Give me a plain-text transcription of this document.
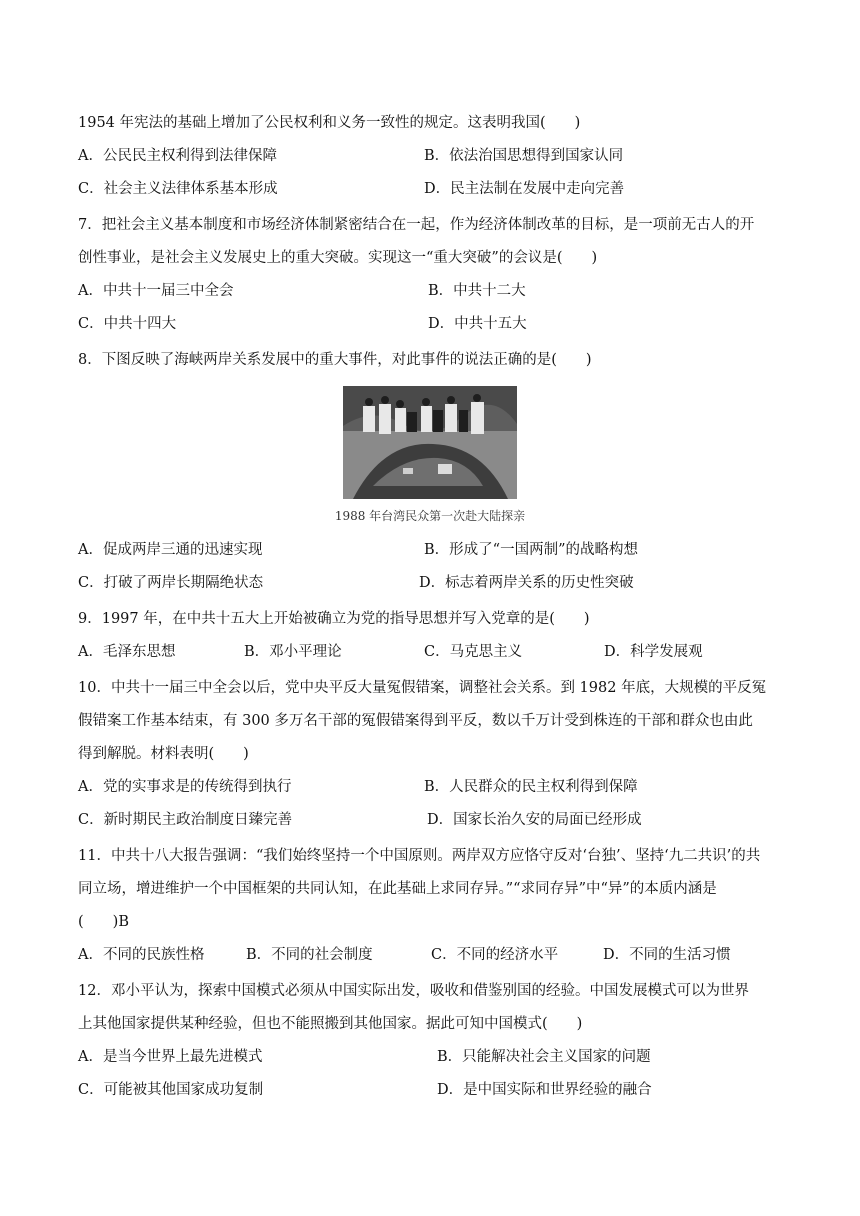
1954 年宪法的基础上增加了公民权利和义务一致性的规定。这表明我国(　　)
A．公民民主权利得到法律保障	B．依法治国思想得到国家认同
C．社会主义法律体系基本形成	D．民主法制在发展中走向完善
7．把社会主义基本制度和市场经济体制紧密结合在一起，作为经济体制改革的目标，是一项前无古人的开
创性事业，是社会主义发展史上的重大突破。实现这一“重大突破”的会议是(　　)
A．中共十一届三中全会	B．中共十二大
C．中共十四大	D．中共十五大
8．下图反映了海峡两岸关系发展中的重大事件，对此事件的说法正确的是(　　)
1988 年台湾民众第一次赴大陆探亲
A．促成两岸三通的迅速实现	B．形成了“一国两制”的战略构想
C．打破了两岸长期隔绝状态	D．标志着两岸关系的历史性突破
9．1997 年，在中共十五大上开始被确立为党的指导思想并写入党章的是(　　)
A．毛泽东思想	B．邓小平理论	C．马克思主义	D．科学发展观
10．中共十一届三中全会以后，党中央平反大量冤假错案，调整社会关系。到 1982 年底，大规模的平反冤
假错案工作基本结束，有 300 多万名干部的冤假错案得到平反，数以千万计受到株连的干部和群众也由此
得到解脱。材料表明(　　)
A．党的实事求是的传统得到执行	B．人民群众的民主权利得到保障
C．新时期民主政治制度日臻完善	D．国家长治久安的局面已经形成
11．中共十八大报告强调：“我们始终坚持一个中国原则。两岸双方应恪守反对‘台独’、坚持‘九二共识’的共
同立场，增进维护一个中国框架的共同认知，在此基础上求同存异。”“求同存异”中“异”的本质内涵是
(　　)B
A．不同的民族性格	B．不同的社会制度	C．不同的经济水平	D．不同的生活习惯
12．邓小平认为，探索中国模式必须从中国实际出发，吸收和借鉴别国的经验。中国发展模式可以为世界
上其他国家提供某种经验，但也不能照搬到其他国家。据此可知中国模式(　　)
A．是当今世界上最先进模式	B．只能解决社会主义国家的问题
C．可能被其他国家成功复制	D．是中国实际和世界经验的融合
